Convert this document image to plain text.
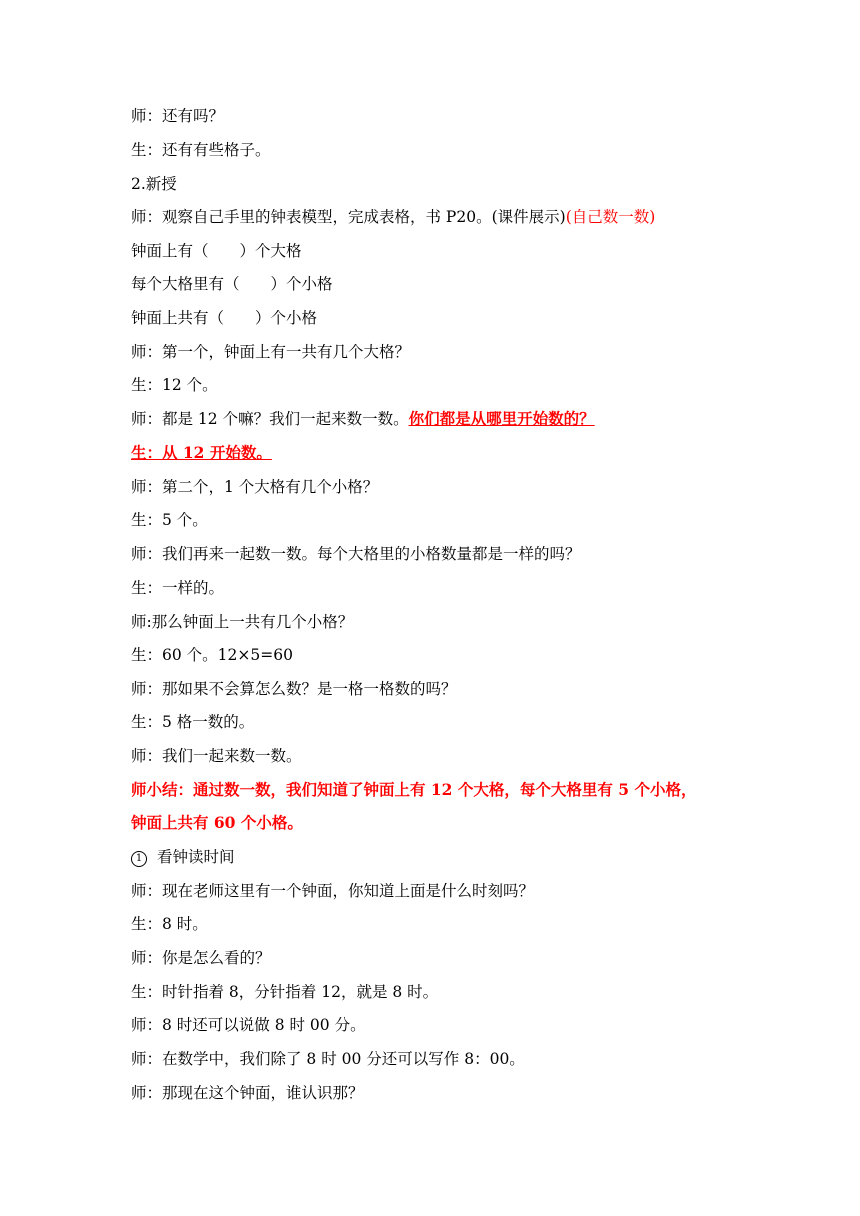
师：还有吗？
生：还有有些格子。
2.新授
师：观察自己手里的钟表模型，完成表格，书 P20。(课件展示)(自己数一数)
钟面上有（　　）个大格
每个大格里有（　　）个小格
钟面上共有（　　）个小格
师：第一个，钟面上有一共有几个大格？
生：12 个。
师：都是 12 个嘛？我们一起来数一数。你们都是从哪里开始数的？
生：从 12 开始数。
师：第二个，1 个大格有几个小格？
生：5 个。
师：我们再来一起数一数。每个大格里的小格数量都是一样的吗？
生：一样的。
师:那么钟面上一共有几个小格？
生：60 个。12×5=60
师：那如果不会算怎么数？是一格一格数的吗？
生：5 格一数的。
师：我们一起来数一数。
师小结：通过数一数，我们知道了钟面上有 12 个大格，每个大格里有 5 个小格，
钟面上共有 60 个小格。
1 看钟读时间
师：现在老师这里有一个钟面，你知道上面是什么时刻吗？
生：8 时。
师：你是怎么看的？
生：时针指着 8，分针指着 12，就是 8 时。
师：8 时还可以说做 8 时 00 分。
师：在数学中，我们除了 8 时 00 分还可以写作 8：00。
师：那现在这个钟面，谁认识那？
